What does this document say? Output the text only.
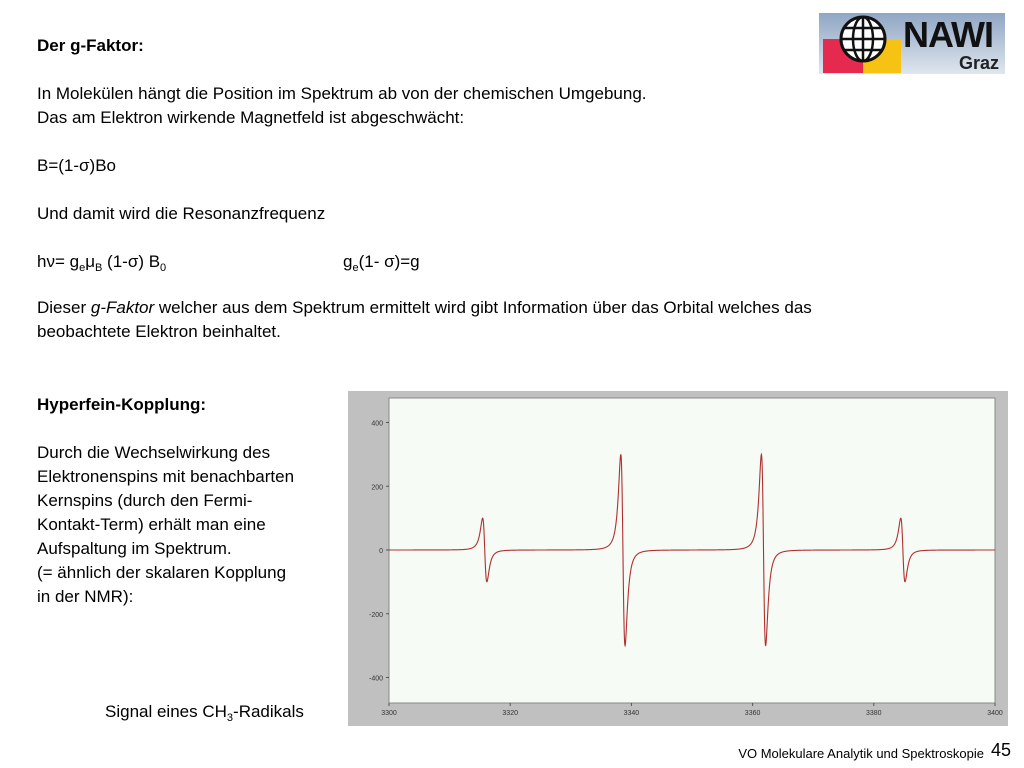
NAWI
Graz
Der g-Faktor:
In Molekülen hängt die Position im Spektrum ab von der chemischen Umgebung.
Das am Elektron wirkende Magnetfeld ist abgeschwächt:
B=(1-σ)Bo
Und damit wird die Resonanzfrequenz
$h\nu= g_e\mu_B$ (1-σ) $B_0$	$g_e(1-$ σ)=g
Dieser g-Faktor welcher aus dem Spektrum ermittelt wird gibt Information über das Orbital welches das
beobachtete Elektron beinhaltet.
Hyperfein-Kopplung:
Durch die Wechselwirkung des
Elektronenspins mit benachbarten
Kernspins (durch den Fermi-
Kontakt-Term) erhält man eine
Aufspaltung im Spektrum.
(= ähnlich der skalaren Kopplung
in der NMR):
Signal eines $CH_3$-Radikals
400
200
0
-200
-400
3300	3320	3340	3360	3380	3400
VO Molekulare Analytik und Spektroskopie 45
